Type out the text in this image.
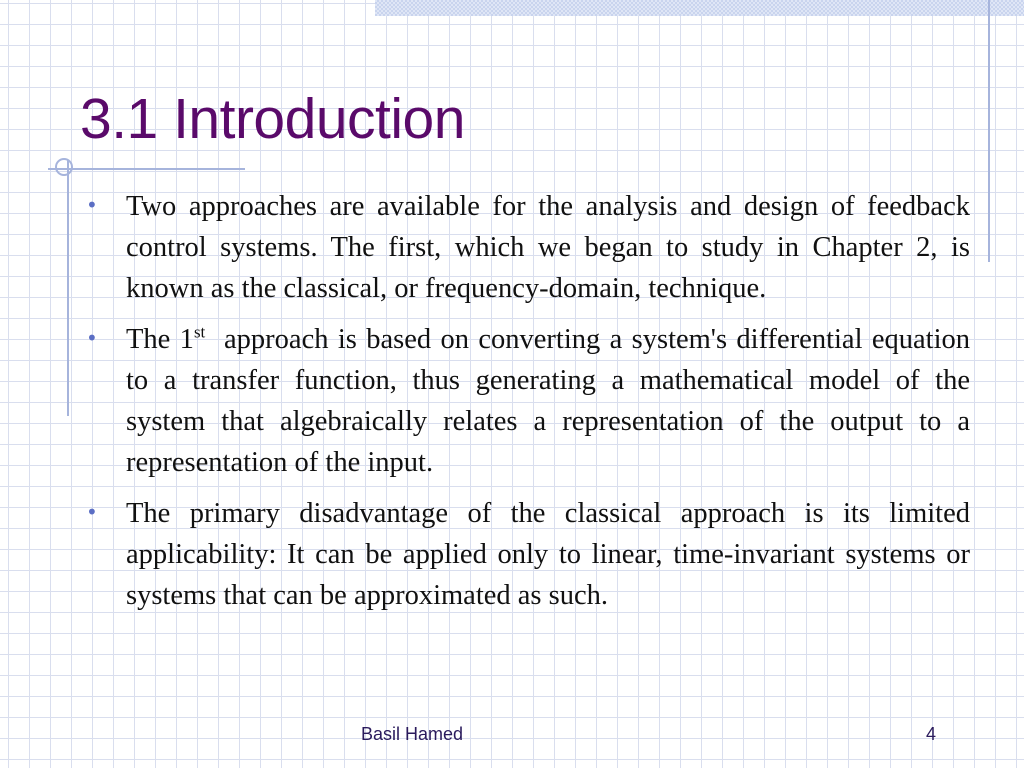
3.1 Introduction
• Two approaches are available for the analysis and design of feedback control systems. The first, which we began to study in Chapter 2, is known as the classical, or frequency-domain, technique.
• The 1st  approach is based on converting a system's differential equation to a transfer function, thus generating a mathematical model of the system that algebraically relates a representation of the output to a representation of the input.
• The primary disadvantage of the classical approach is its limited applicability: It can be applied only to linear, time-invariant systems or systems that can be approximated as such.
Basil Hamed	4
